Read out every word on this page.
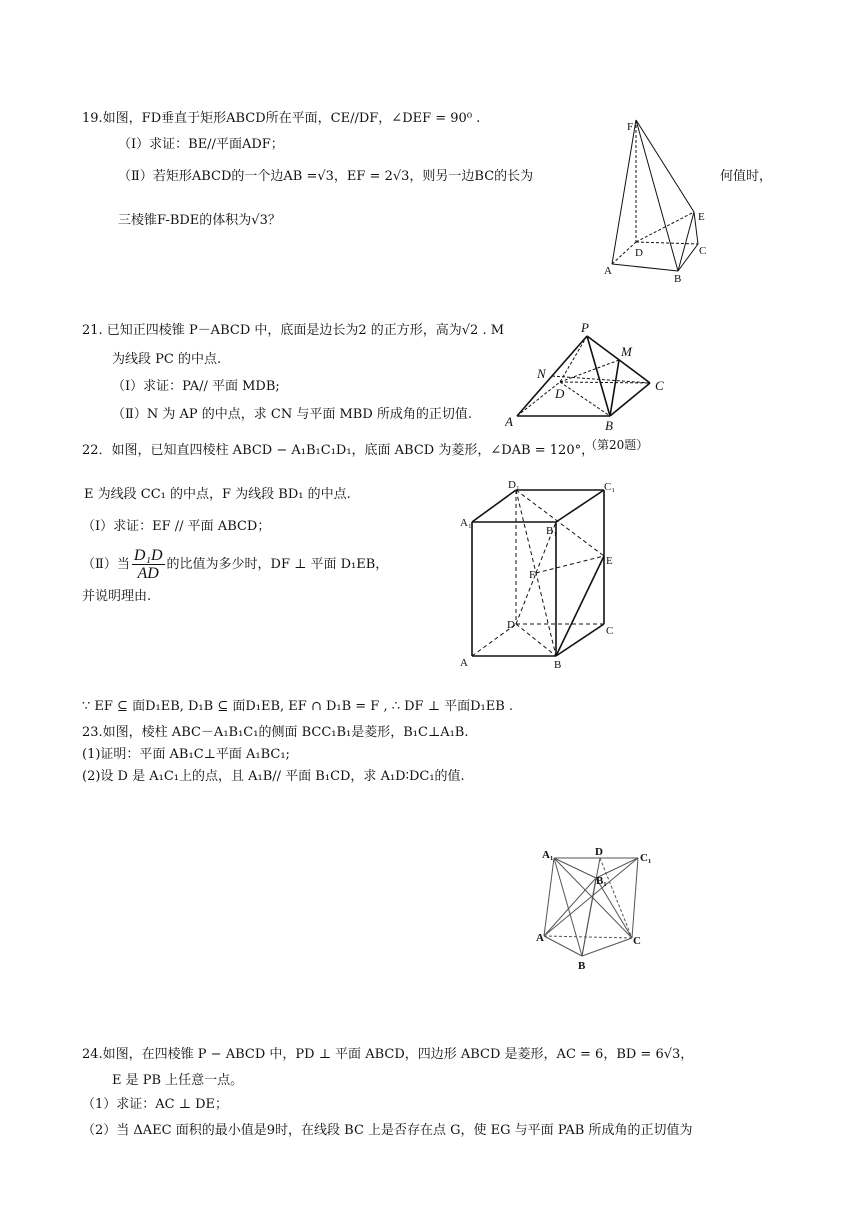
19.如图，FD垂直于矩形ABCD所在平面，CE//DF，∠DEF = 90⁰ .
（Ⅰ）求证：BE//平面ADF；
（Ⅱ）若矩形ABCD的一个边AB =√3，EF = 2√3，则另一边BC的长为	何值时，
三棱锥F-BDE的体积为√3？
F
E
D	C
A
B
21. 已知正四棱锥 P－ABCD 中，底面是边长为2 的正方形，高为√2 . M
为线段 PC 的中点.
（Ⅰ）求证：PA// 平面 MDB;
（Ⅱ）N 为 AP 的中点，求 CN 与平面 MBD 所成角的正切值.
P
M
N
D
C
A	B
（第20题）
22．如图，已知直四棱柱 ABCD − A₁B₁C₁D₁，底面 ABCD 为菱形，∠DAB = 120°，
E 为线段 CC₁ 的中点，F 为线段 BD₁ 的中点.
（Ⅰ）求证：EF // 平面 ABCD；
（Ⅱ）当 $\frac{\text{D₁D}}{AD}$ 的比值为多少时，DF ⊥ 平面 D₁EB，
并说明理由.
D₁	C₁
A₁
B₁
E
F
D	C
A	B
∵ EF ⊆ 面D₁EB, D₁B ⊆ 面D₁EB, EF ∩ D₁B = F , ∴ DF ⊥ 平面D₁EB .
23.如图，棱柱 ABC－A₁B₁C₁的侧面 BCC₁B₁是菱形，B₁C⊥A₁B.
(1)证明：平面 AB₁C⊥平面 A₁BC₁;
(2)设 D 是 A₁C₁上的点，且 A₁B// 平面 B₁CD，求 A₁D∶DC₁的值.
A₁	D	C₁
B₁
A	C
B
24.如图，在四棱锥 P − ABCD 中，PD ⊥ 平面 ABCD，四边形 ABCD 是菱形，AC = 6，BD = 6√3，
E 是 PB 上任意一点。
（1）求证：AC ⊥ DE；
（2）当 ΔAEC 面积的最小值是9时，在线段 BC 上是否存在点 G，使 EG 与平面 PAB 所成角的正切值为
